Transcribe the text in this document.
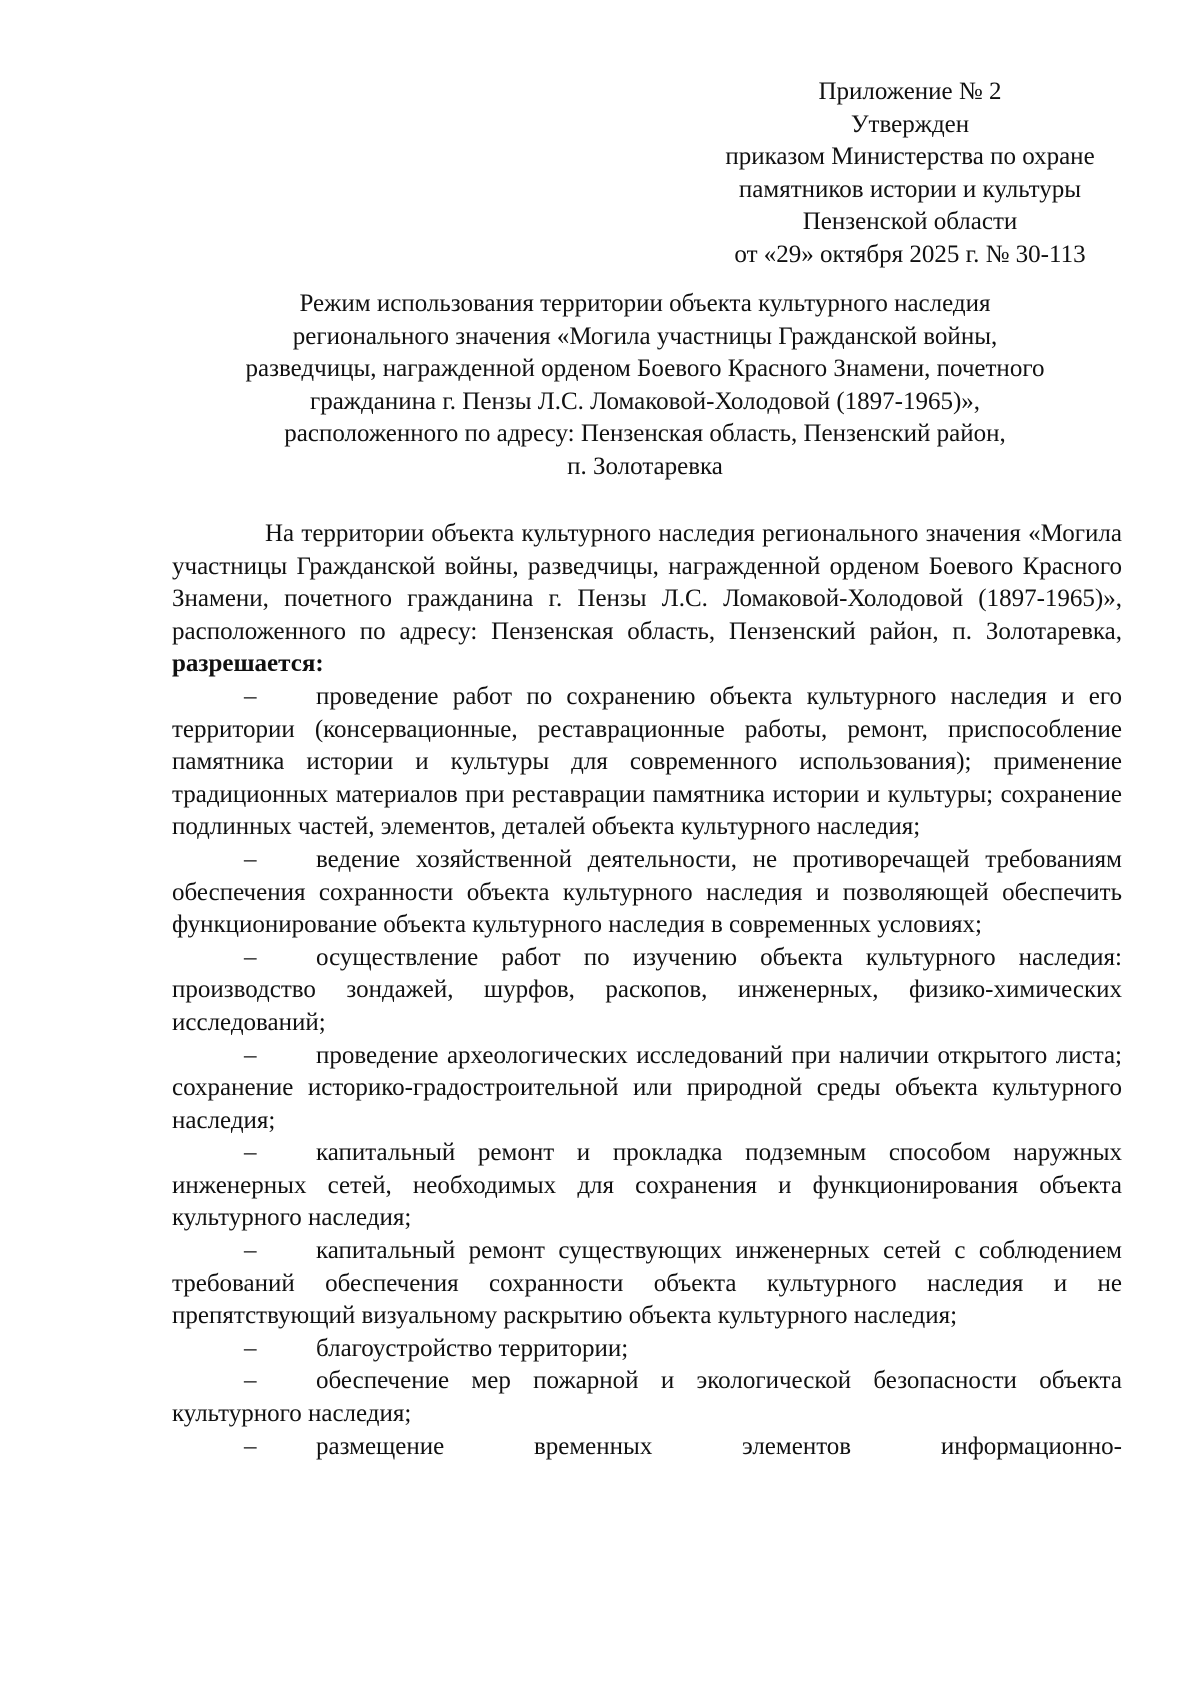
Приложение № 2
Утвержден
приказом Министерства по охране
памятников истории и культуры
Пензенской области
от «29» октября 2025 г. № 30-113
Режим использования территории объекта культурного наследия
регионального значения «Могила участницы Гражданской войны,
разведчицы, награжденной орденом Боевого Красного Знамени, почетного
гражданина г. Пензы Л.С. Ломаковой-Холодовой (1897-1965)»,
расположенного по адресу: Пензенская область, Пензенский район,
п. Золотаревка

На территории объекта культурного наследия регионального значения «Могила участницы Гражданской войны, разведчицы, награжденной орденом Боевого Красного Знамени, почетного гражданина г. Пензы Л.С. Ломаковой-Холодовой (1897-1965)», расположенного по адресу: Пензенская область, Пензенский район, п. Золотаревка, разрешается:

– проведение работ по сохранению объекта культурного наследия и его территории (консервационные, реставрационные работы, ремонт, приспособление памятника истории и культуры для современного использования); применение традиционных материалов при реставрации памятника истории и культуры; сохранение подлинных частей, элементов, деталей объекта культурного наследия;

– ведение хозяйственной деятельности, не противоречащей требованиям обеспечения сохранности объекта культурного наследия и позволяющей обеспечить функционирование объекта культурного наследия в современных условиях;

– осуществление работ по изучению объекта культурного наследия: производство зондажей, шурфов, раскопов, инженерных, физико-химических исследований;

– проведение археологических исследований при наличии открытого листа; сохранение историко-градостроительной или природной среды объекта культурного наследия;

– капитальный ремонт и прокладка подземным способом наружных инженерных сетей, необходимых для сохранения и функционирования объекта культурного наследия;

– капитальный ремонт существующих инженерных сетей с соблюдением требований обеспечения сохранности объекта культурного наследия и не препятствующий визуальному раскрытию объекта культурного наследия;

– благоустройство территории;

– обеспечение мер пожарной и экологической безопасности объекта культурного наследия;

– размещение временных элементов информационно-
